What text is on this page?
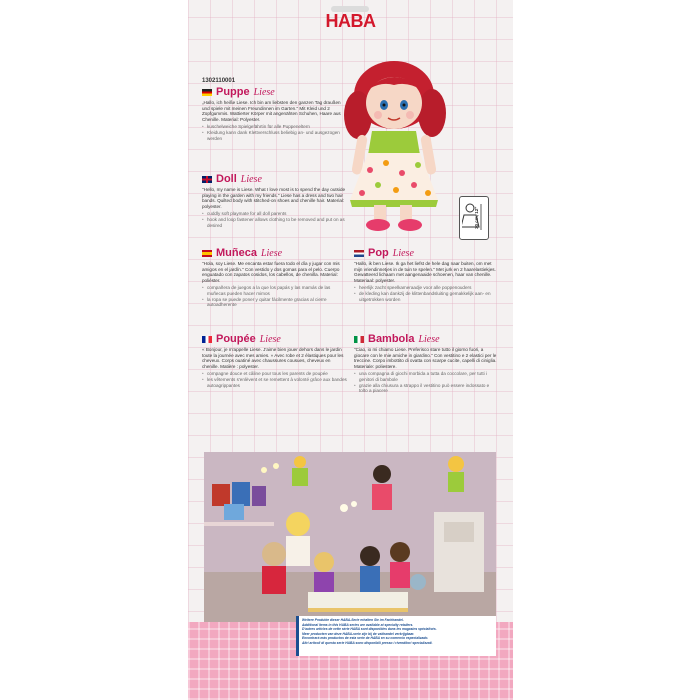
HABA
1302110001
Puppe Liese
„Hallo, ich heiße Liese. Ich bin am liebsten den ganzen Tag draußen und spiele mit meinen Freundinnen im Garten." Mit Kleid und 2 Zopfgummis. Wattierter Körper mit angenähten Schuhen, Haare aus Chenille. Material: Polyester.
• kuschelweiche Spielgefährtin für alle Puppeneltern
• Kleidung kann dank Klettverschluss beliebig an- und ausgezogen werden
Doll Liese
"Hello, my name is Liese. What I love most is to spend the day outside playing in the garden with my friends." Liese has a dress and two hair bands. Quilted body with stitched-on shoes and chenille hair. Material: polyester.
• cuddly soft playmate for all doll parents
• hook and loop fastener allows clothing to be removed and put on as desired
Muñeca Liese
"Hola, soy Liese. Me encanta estar fuera todo el día y jugar con mis amigos en el jardín." Con vestido y dos gomas para el pelo. Cuerpo enguatado con zapatos cosidos, los cabellos, de chenilla. Material: poliéster.
• compañera de juegos a la que los papás y las mamás de las muñecas pueden hacer mimos
• la ropa se puede poner y quitar fácilmente gracias al cierre autoadherente
Pop Liese
"Hallo, ik ben Liese. Ik ga het liefst de hele dag naar buiten, om met mijn vriendinnetjes in de tuin te spelen." Met jurk en 2 haarelastiekjes. Gewatteerd lichaam met aangenaaide schoenen, haar van chenille. Materiaal: polyester.
• heerlijk zacht speelkameraadje voor alle poppenouders
• de kleding kan dankzij de klittenbandsluiting gemakkelijk aan- en uitgetrokken worden
Poupée Liese
« Bonjour, je m'appelle Liese. J'aime bien jouer dehors dans le jardin toute la journée avec mes amies. » Avec robe et 2 élastiques pour les cheveux. Corps ouatiné avec chaussures cousues, cheveux en chenille. Matière : polyester.
• compagne douce et câline pour tous les parents de poupée
• les vêtements s'enlèvent et se remettent à volonté grâce aux bandes autoagrippantes
Bambola Liese
"Ciao, io mi chiamo Liese. Preferisco stare tutto il giorno fuori, a giocare con le mie amiche in giardino." Con vestitino e 2 elastici per le treccine. Corpo imbottito di ovatta con scarpe cucite, capelli di ciniglia. Materiale: poliestere.
• una compagna di giochi morbida a tutta da coccolare, per tutti i genitori di bambole
• grazie alla chiusura a strappo il vestitino può essere indossato e tolto a piacere
30 cm, 12"
Weitere Produkte dieser HABA-Serie erhalten Sie im Fachhandel.
Additional items in this HABA series are available at specialty retailers.
D'autres articles de cette série HABA sont disponibles dans les magasins spécialisés.
Meer producten van deze HABA-serie zijn bij de vakhandel verkrijgbaar.
Encontrará más productos de esta serie de HABA en su comercio especializado.
Altri articoli di questa serie HABA sono disponibili presso i rivenditori specializzati.
